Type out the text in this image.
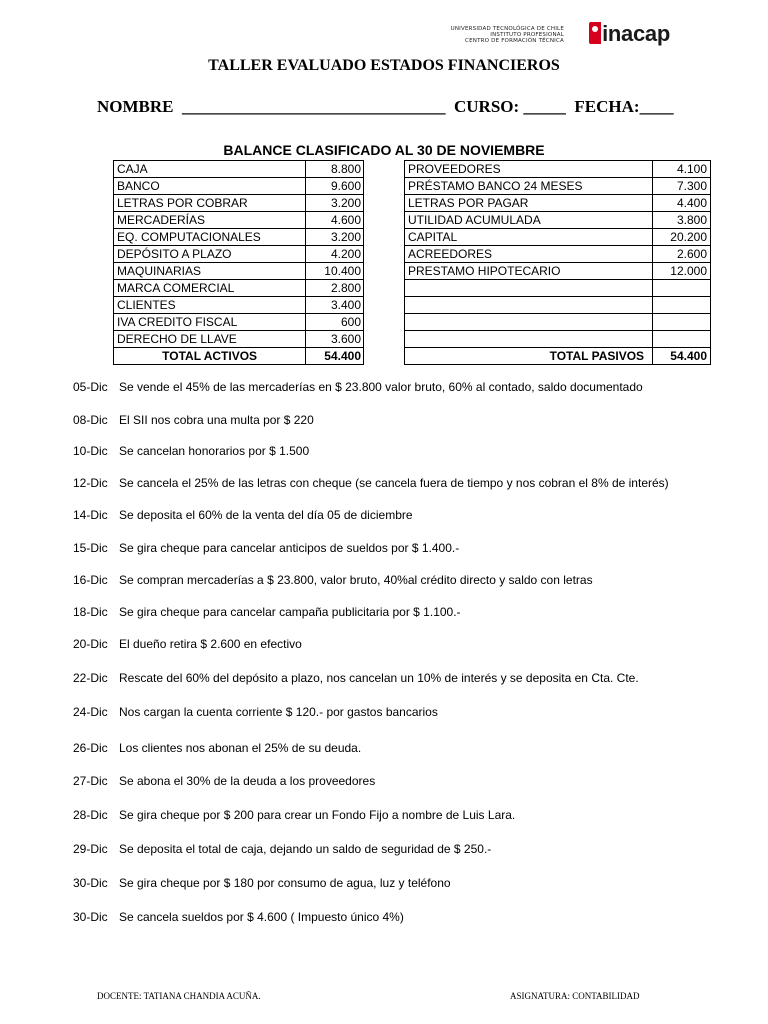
UNIVERSIDAD TECNOLÓGICA DE CHILE
INSTITUTO PROFESIONAL
CENTRO DE FORMACIÓN TÉCNICA inacap
TALLER EVALUADO ESTADOS FINANCIEROS
NOMBRE  _______________________________  CURSO: _____  FECHA:____
BALANCE CLASIFICADO AL 30 DE NOVIEMBRE
CAJA	8.800
BANCO	9.600
LETRAS POR COBRAR	3.200
MERCADERÍAS	4.600
EQ. COMPUTACIONALES	3.200
DEPÓSITO A PLAZO	4.200
MAQUINARIAS	10.400
MARCA COMERCIAL	2.800
CLIENTES	3.400
IVA CREDITO FISCAL	600
DERECHO DE LLAVE	3.600
TOTAL ACTIVOS	54.400
PROVEEDORES	4.100
PRÉSTAMO BANCO 24 MESES	7.300
LETRAS POR PAGAR	4.400
UTILIDAD ACUMULADA	3.800
CAPITAL	20.200
ACREEDORES	2.600
PRESTAMO HIPOTECARIO	12.000

TOTAL PASIVOS	54.400
05-Dic Se vende el 45% de las mercaderías en $ 23.800 valor bruto, 60% al contado, saldo documentado
08-Dic El SII nos cobra una multa por $ 220
10-Dic Se cancelan honorarios por $ 1.500
12-Dic Se cancela el 25% de las letras con cheque (se cancela fuera de tiempo y nos cobran el 8% de interés)
14-Dic Se deposita el 60% de la venta del día 05 de diciembre
15-Dic Se gira cheque para cancelar anticipos de sueldos por $ 1.400.-
16-Dic Se compran mercaderías a $ 23.800, valor bruto, 40%al crédito directo y saldo con letras
18-Dic Se gira cheque para cancelar campaña publicitaria por $ 1.100.-
20-Dic El dueño retira $ 2.600 en efectivo
22-Dic Rescate del 60% del depósito a plazo, nos cancelan un 10% de interés y se deposita en Cta. Cte.
24-Dic Nos cargan la cuenta corriente $ 120.- por gastos bancarios
26-Dic Los clientes nos abonan el 25% de su deuda.
27-Dic Se abona el 30% de la deuda a los proveedores
28-Dic Se gira cheque por $ 200 para crear un Fondo Fijo a nombre de Luis Lara.
29-Dic Se deposita el total de caja, dejando un saldo de seguridad de $ 250.-
30-Dic Se gira cheque por $ 180 por consumo de agua, luz y teléfono
30-Dic Se cancela sueldos por $ 4.600 ( Impuesto único 4%)
DOCENTE: TATIANA CHANDIA ACUÑA.	ASIGNATURA: CONTABILIDAD
